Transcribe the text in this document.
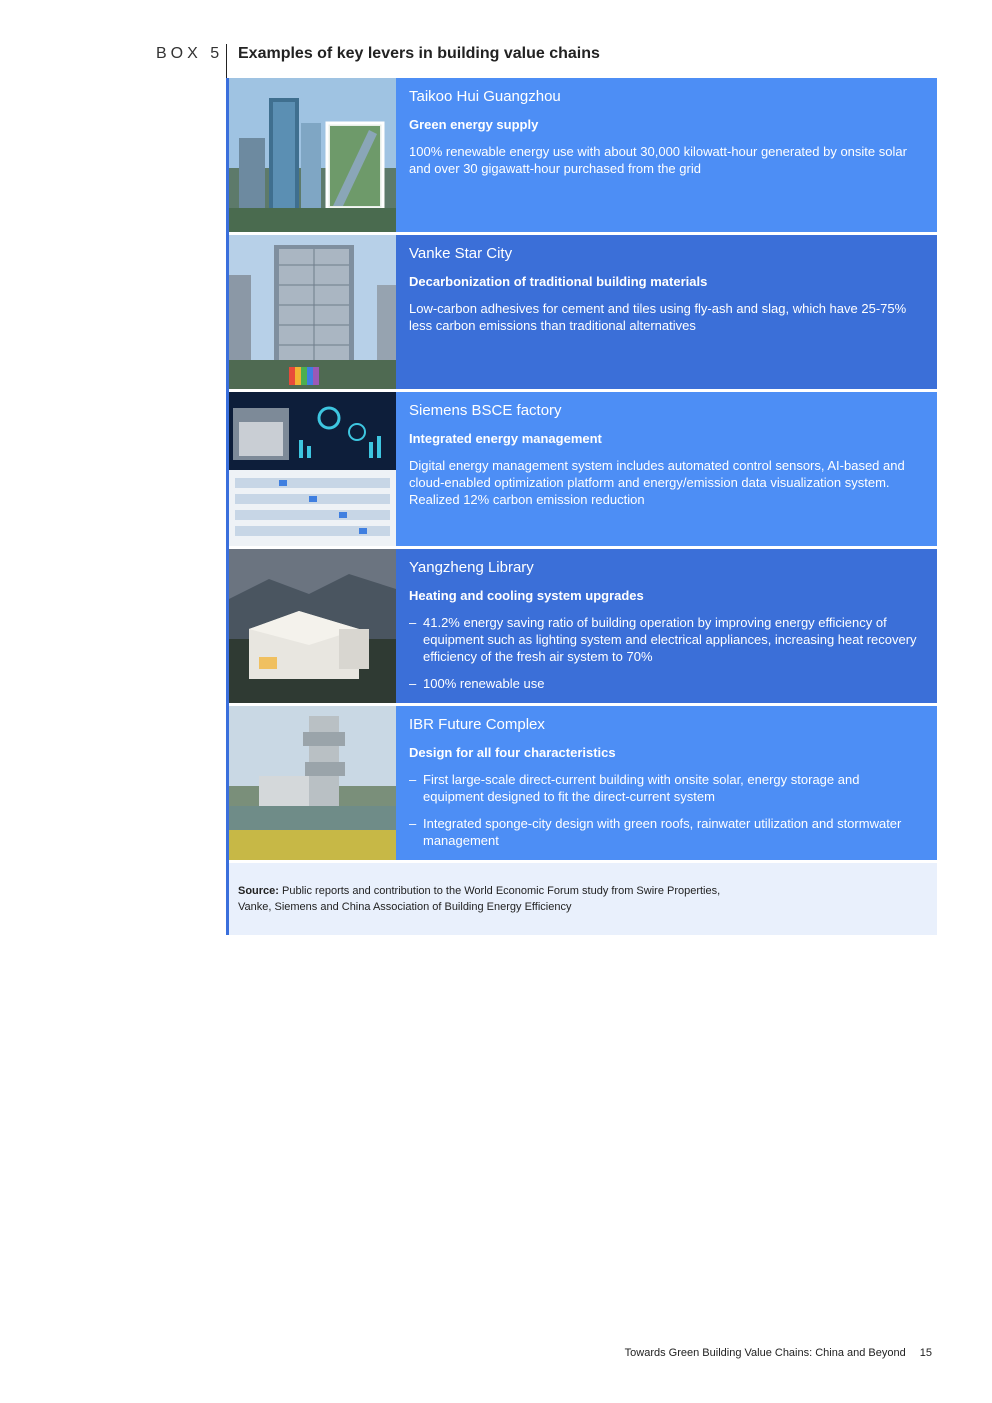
BOX 5 Examples of key levers in building value chains

Taikoo Hui Guangzhou

Green energy supply

100% renewable energy use with about 30,000 kilowatt-hour generated by onsite solar and over 30 gigawatt-hour purchased from the grid

Vanke Star City

Decarbonization of traditional building materials

Low-carbon adhesives for cement and tiles using fly-ash and slag, which have 25-75% less carbon emissions than traditional alternatives

Siemens BSCE factory

Integrated energy management

Digital energy management system includes automated control sensors, AI-based and cloud-enabled optimization platform and energy/emission data visualization system. Realized 12% carbon emission reduction

Yangzheng Library

Heating and cooling system upgrades

– 41.2% energy saving ratio of building operation by improving energy efficiency of equipment such as lighting system and electrical appliances, increasing heat recovery efficiency of the fresh air system to 70%
– 100% renewable use

IBR Future Complex

Design for all four characteristics

– First large-scale direct-current building with onsite solar, energy storage and equipment designed to fit the direct-current system
– Integrated sponge-city design with green roofs, rainwater utilization and stormwater management
Source: Public reports and contribution to the World Economic Forum study from Swire Properties,
Vanke, Siemens and China Association of Building Energy Efficiency
Towards Green Building Value Chains: China and Beyond 15
